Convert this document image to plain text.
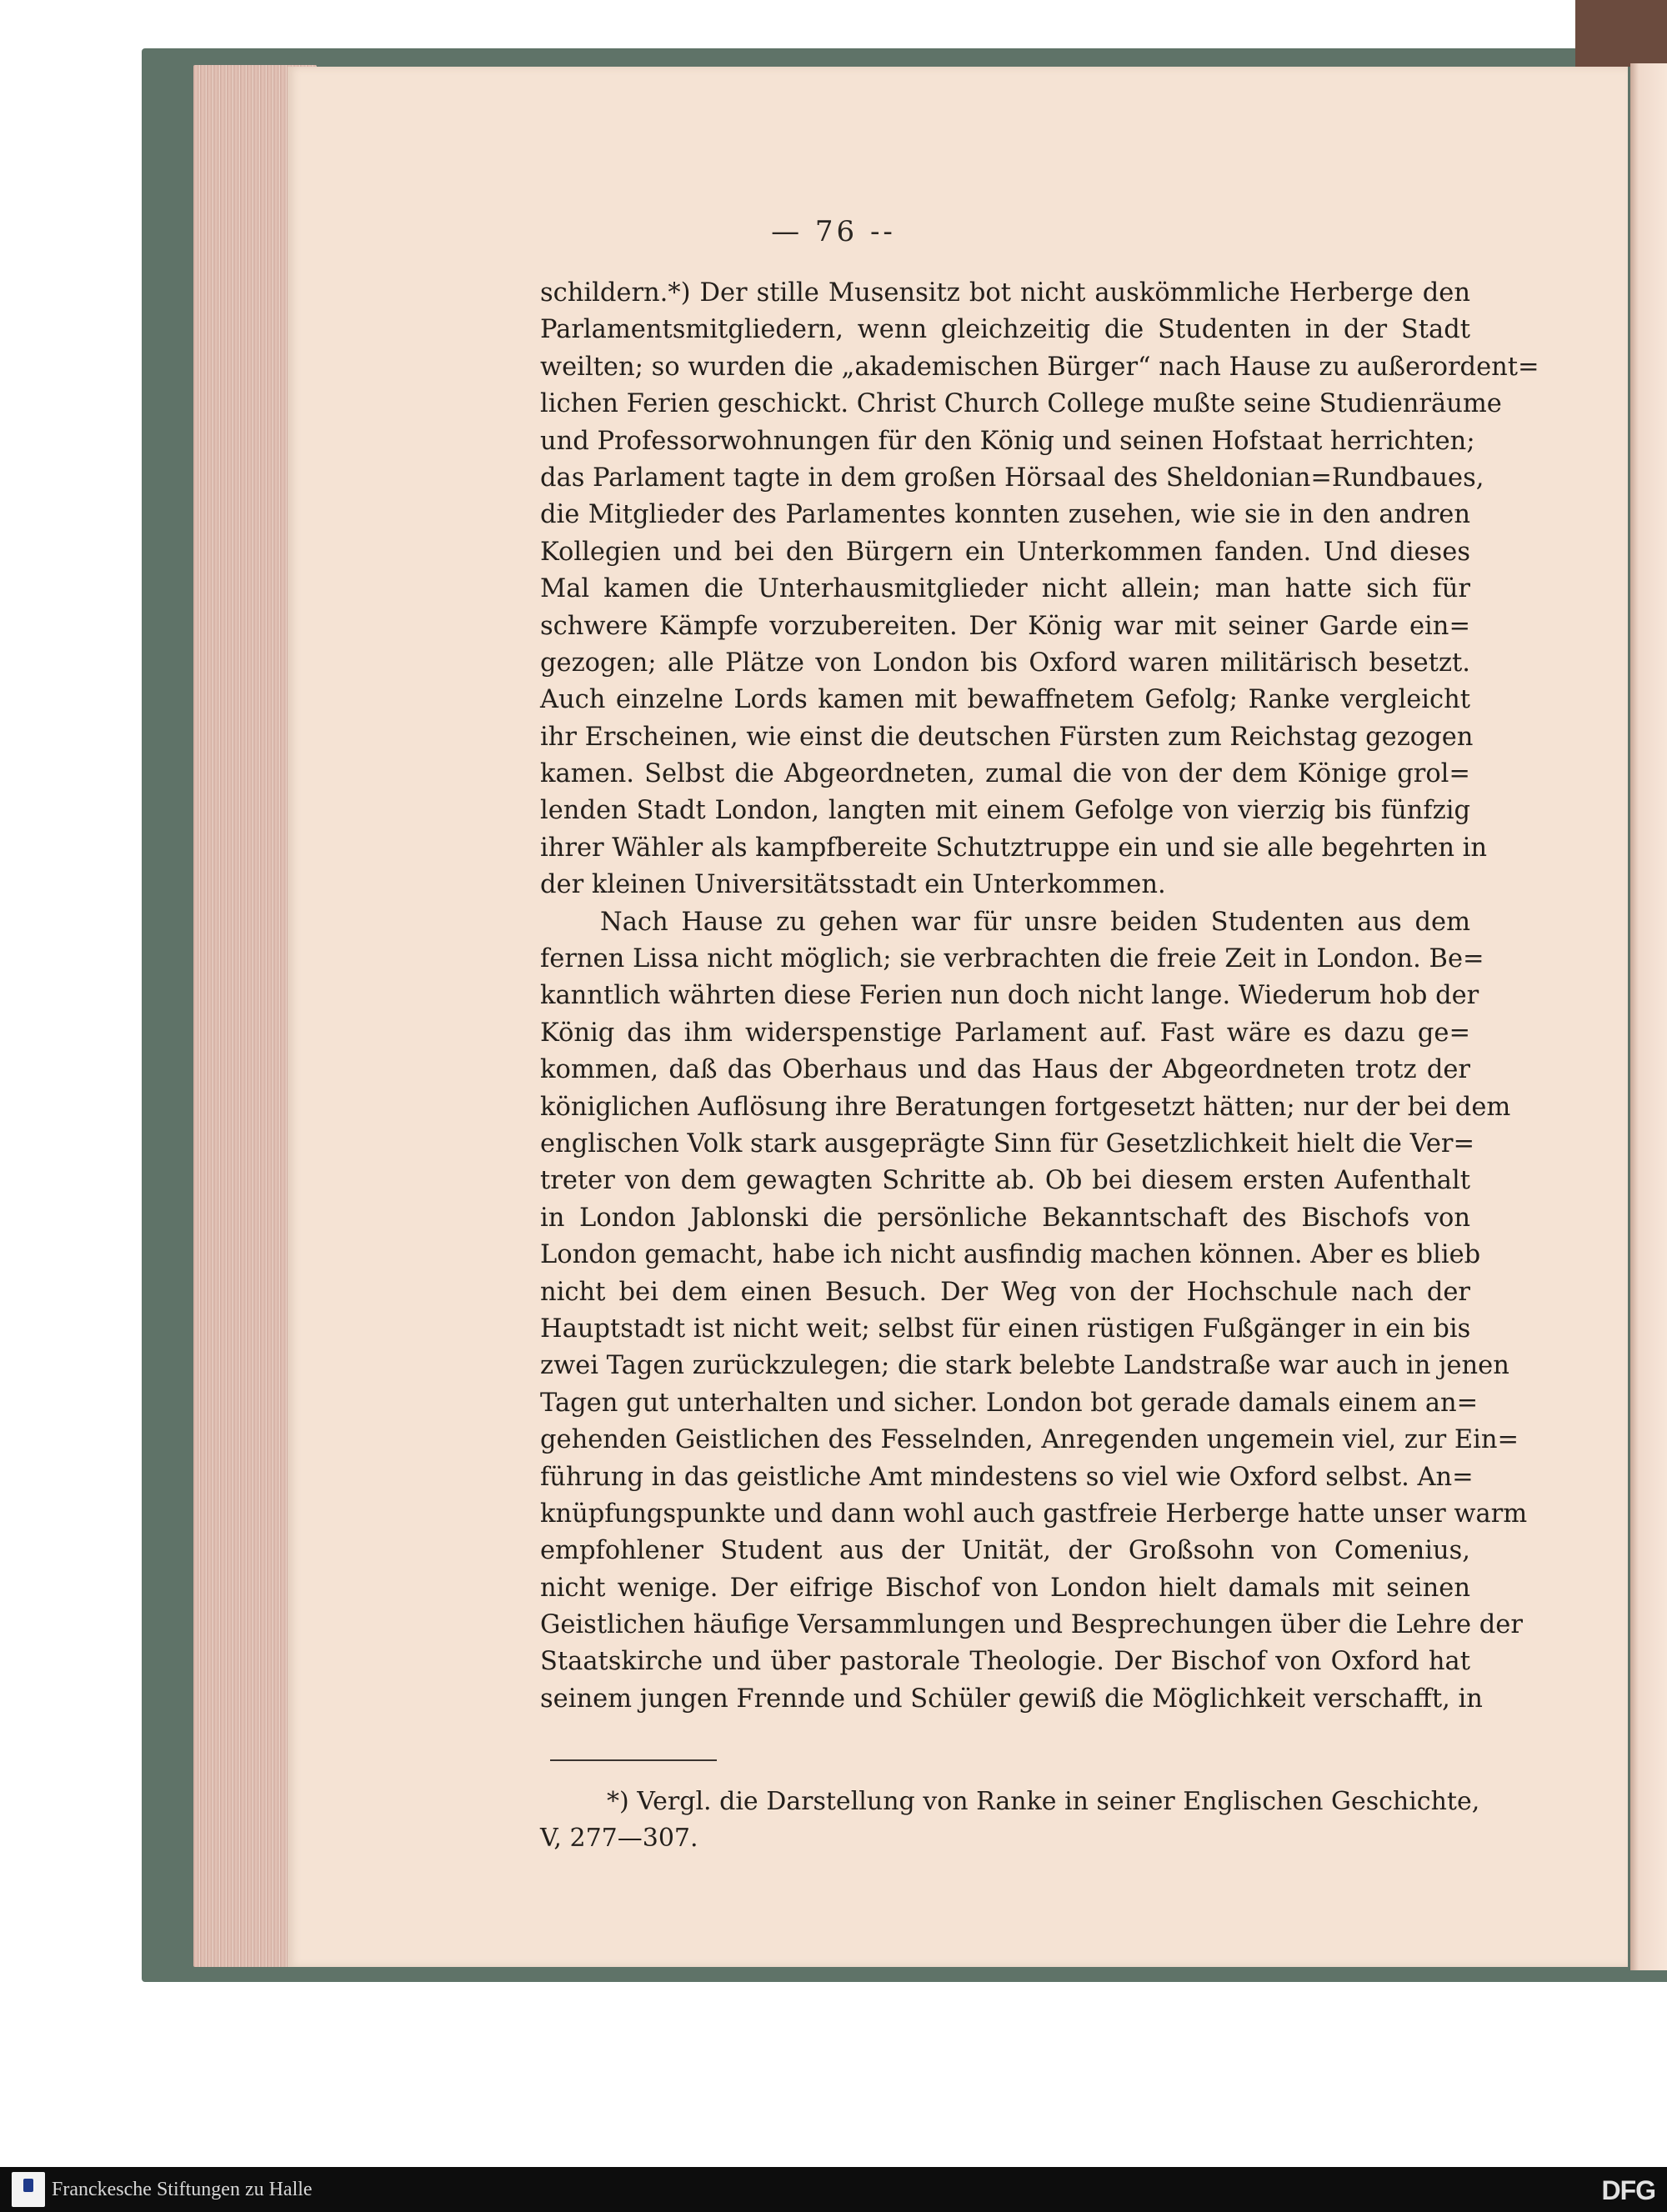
— 76 --
schildern.*) Der stille Musensitz bot nicht auskömmliche Herberge den
Parlamentsmitgliedern, wenn gleichzeitig die Studenten in der Stadt
weilten; so wurden die „akademischen Bürger“ nach Hause zu außerordent=
lichen Ferien geschickt. Christ Church College mußte seine Studienräume
und Professorwohnungen für den König und seinen Hofstaat herrichten;
das Parlament tagte in dem großen Hörsaal des Sheldonian=Rundbaues,
die Mitglieder des Parlamentes konnten zusehen, wie sie in den andren
Kollegien und bei den Bürgern ein Unterkommen fanden. Und dieses
Mal kamen die Unterhausmitglieder nicht allein; man hatte sich für
schwere Kämpfe vorzubereiten. Der König war mit seiner Garde ein=
gezogen; alle Plätze von London bis Oxford waren militärisch besetzt.
Auch einzelne Lords kamen mit bewaffnetem Gefolg; Ranke vergleicht
ihr Erscheinen, wie einst die deutschen Fürsten zum Reichstag gezogen
kamen. Selbst die Abgeordneten, zumal die von der dem Könige grol=
lenden Stadt London, langten mit einem Gefolge von vierzig bis fünfzig
ihrer Wähler als kampfbereite Schutztruppe ein und sie alle begehrten in
der kleinen Universitätsstadt ein Unterkommen.
Nach Hause zu gehen war für unsre beiden Studenten aus dem
fernen Lissa nicht möglich; sie verbrachten die freie Zeit in London. Be=
kanntlich währten diese Ferien nun doch nicht lange. Wiederum hob der
König das ihm widerspenstige Parlament auf. Fast wäre es dazu ge=
kommen, daß das Oberhaus und das Haus der Abgeordneten trotz der
königlichen Auflösung ihre Beratungen fortgesetzt hätten; nur der bei dem
englischen Volk stark ausgeprägte Sinn für Gesetzlichkeit hielt die Ver=
treter von dem gewagten Schritte ab. Ob bei diesem ersten Aufenthalt
in London Jablonski die persönliche Bekanntschaft des Bischofs von
London gemacht, habe ich nicht ausfindig machen können. Aber es blieb
nicht bei dem einen Besuch. Der Weg von der Hochschule nach der
Hauptstadt ist nicht weit; selbst für einen rüstigen Fußgänger in ein bis
zwei Tagen zurückzulegen; die stark belebte Landstraße war auch in jenen
Tagen gut unterhalten und sicher. London bot gerade damals einem an=
gehenden Geistlichen des Fesselnden, Anregenden ungemein viel, zur Ein=
führung in das geistliche Amt mindestens so viel wie Oxford selbst. An=
knüpfungspunkte und dann wohl auch gastfreie Herberge hatte unser warm
empfohlener Student aus der Unität, der Großsohn von Comenius,
nicht wenige. Der eifrige Bischof von London hielt damals mit seinen
Geistlichen häufige Versammlungen und Besprechungen über die Lehre der
Staatskirche und über pastorale Theologie. Der Bischof von Oxford hat
seinem jungen Frennde und Schüler gewiß die Möglichkeit verschafft, in
*) Vergl. die Darstellung von Ranke in seiner Englischen Geschichte,
V, 277—307.
Franckesche Stiftungen zu Halle	DFG
